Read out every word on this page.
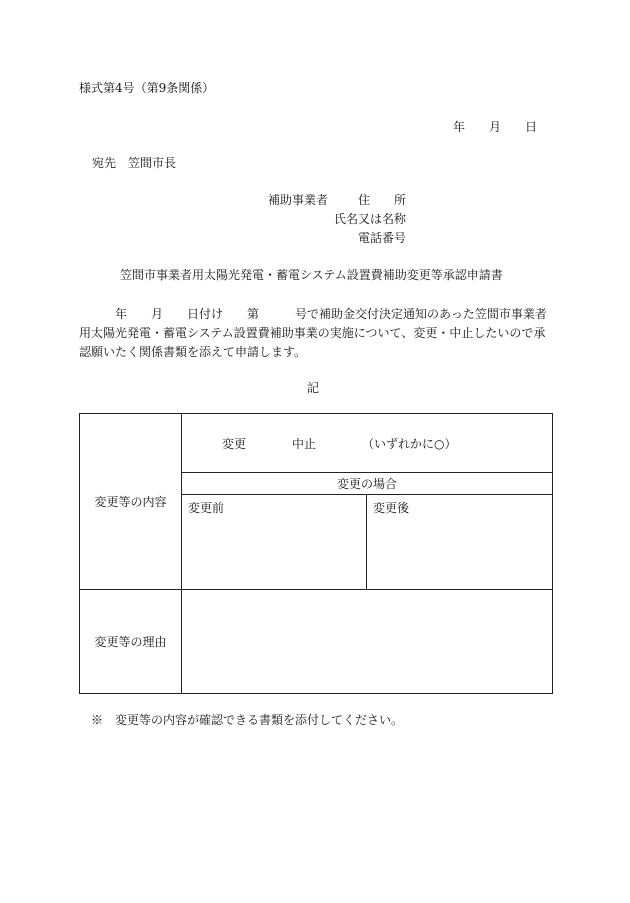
様式第4号（第9条関係）
年 月 日
宛先　笠間市長
補助事業者 住　　所
氏名又は名称
電話番号
笠間市事業者用太陽光発電・蓄電システム設置費補助変更等承認申請書
年　　月　　日付け　　第　　　号で補助金交付決定通知のあった笠間市事業者用太陽光発電・蓄電システム設置費補助事業の実施について、変更・中止したいので承認願いたく関係書類を添えて申請します。
記
変更等の内容	変更 中止 （いずれかに○）	
	変更の場合	
	変更前	変更後
変更等の理由		
※　変更等の内容が確認できる書類を添付してください。
